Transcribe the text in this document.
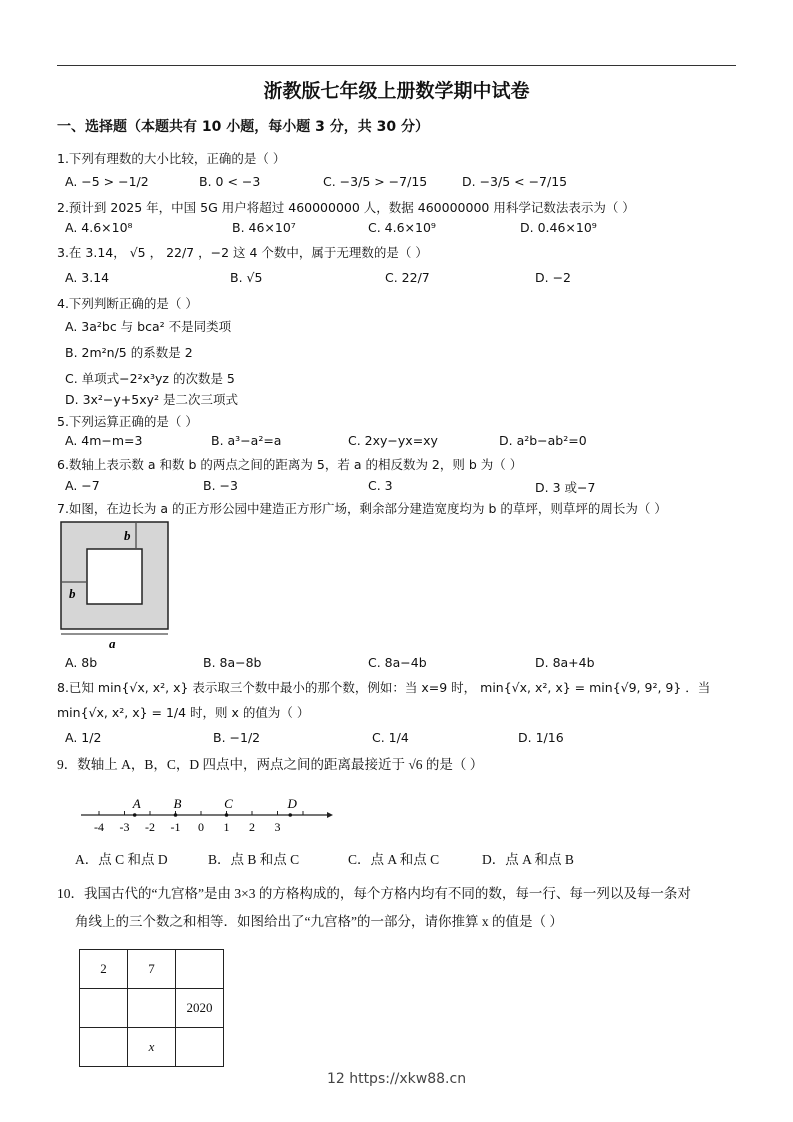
浙教版七年级上册数学期中试卷
一、选择题（本题共有 10 小题，每小题 3 分，共 30 分）
1.下列有理数的大小比较，正确的是（ ）
A. −5 > −1/2	B. 0 < −3	C. −3/5 > −7/15	D. −3/5 < −7/15
2.预计到 2025 年，中国 5G 用户将超过 460000000 人，数据 460000000 用科学记数法表示为（ ）
A. 4.6×10⁸	B. 46×10⁷	C. 4.6×10⁹	D. 0.46×10⁹
3.在 3.14， √5 ， 22/7 ，−2 这 4 个数中，属于无理数的是（ ）
A. 3.14	B. √5	C. 22/7	D. −2
4.下列判断正确的是（ ）
A. 3a²bc 与 bca² 不是同类项
B. 2m²n/5 的系数是 2
C. 单项式−2²x³yz 的次数是 5
D. 3x²−y+5xy² 是二次三项式
5.下列运算正确的是（ ）
A. 4m−m=3	B. a³−a²=a	C. 2xy−yx=xy	D. a²b−ab²=0
6.数轴上表示数 a 和数 b 的两点之间的距离为 5，若 a 的相反数为 2，则 b 为（ ）
A. −7	B. −3	C. 3	D. 3 或−7
7.如图，在边长为 a 的正方形公园中建造正方形广场，剩余部分建造宽度均为 b 的草坪，则草坪的周长为（ ）
b
b
a
A. 8b	B. 8a−8b	C. 8a−4b	D. 8a+4b
8.已知 min{√x, x², x} 表示取三个数中最小的那个数，例如：当 x=9 时， min{√x, x², x} = min{√9, 9², 9} ．当
min{√x, x², x} = 1/4 时，则 x 的值为（ ）
A. 1/2	B. −1/2	C. 1/4	D. 1/16
9．数轴上 A，B，C，D 四点中，两点之间的距离最接近于 √6 的是（ ）
-4 -3 -2 -1 0 1 2 3
A	B	C	D
A．点 C 和点 D	B．点 B 和点 C	C．点 A 和点 C	D．点 A 和点 B
10．我国古代的“九宫格”是由 3×3 的方格构成的，每个方格内均有不同的数，每一行、每一列以及每一条对
角线上的三个数之和相等．如图给出了“九宫格”的一部分，请你推算 x 的值是（ ）
2	7	
		2020
	x	
12 https://xkw88.cn
